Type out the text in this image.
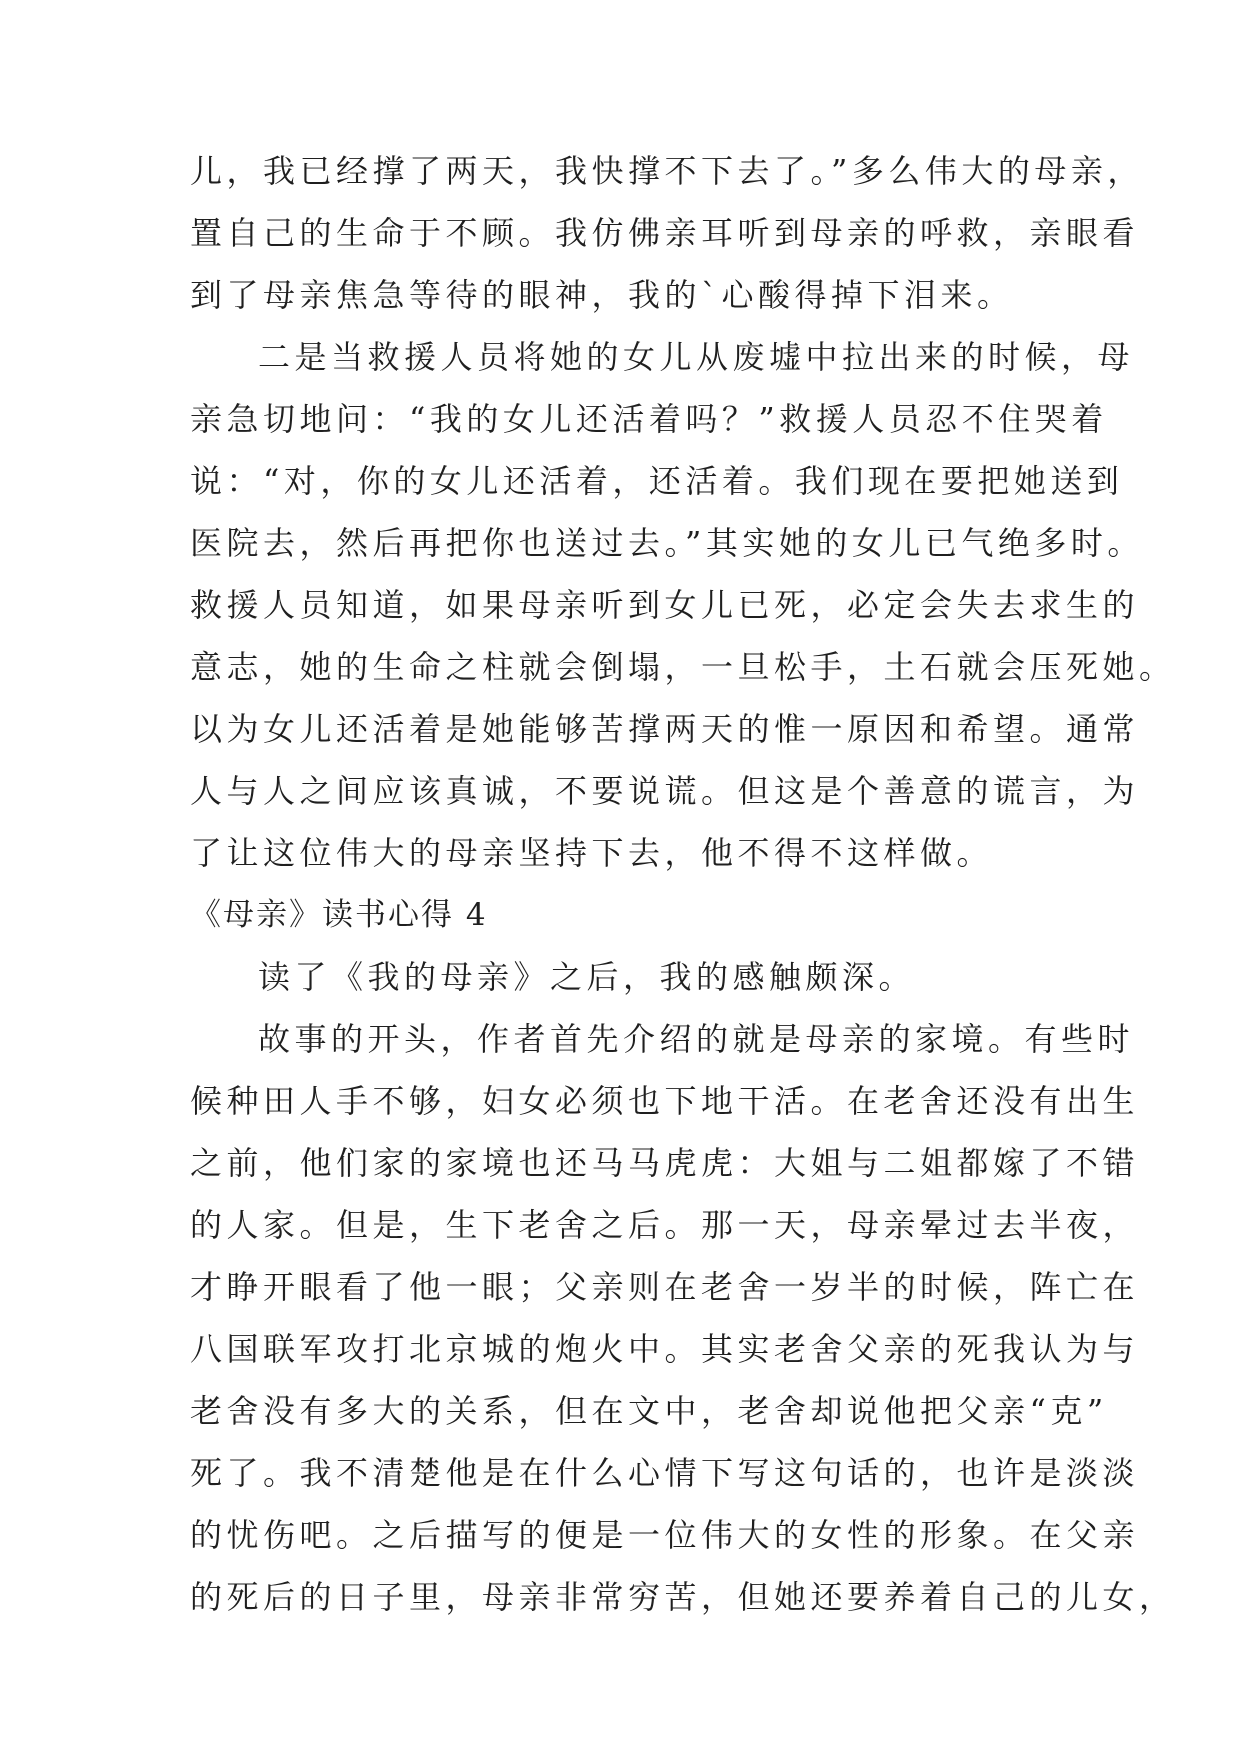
儿，我已经撑了两天，我快撑不下去了。”多么伟大的母亲，
置自己的生命于不顾。我仿佛亲耳听到母亲的呼救，亲眼看
到了母亲焦急等待的眼神，我的`心酸得掉下泪来。
二是当救援人员将她的女儿从废墟中拉出来的时候，母
亲急切地问：“我的女儿还活着吗？”救援人员忍不住哭着
说：“对，你的女儿还活着，还活着。我们现在要把她送到
医院去，然后再把你也送过去。”其实她的女儿已气绝多时。
救援人员知道，如果母亲听到女儿已死，必定会失去求生的
意志，她的生命之柱就会倒塌，一旦松手，土石就会压死她。
以为女儿还活着是她能够苦撑两天的惟一原因和希望。通常
人与人之间应该真诚，不要说谎。但这是个善意的谎言，为
了让这位伟大的母亲坚持下去，他不得不这样做。
《母亲》读书心得 4
读了《我的母亲》之后，我的感触颇深。
故事的开头，作者首先介绍的就是母亲的家境。有些时
候种田人手不够，妇女必须也下地干活。在老舍还没有出生
之前，他们家的家境也还马马虎虎：大姐与二姐都嫁了不错
的人家。但是，生下老舍之后。那一天，母亲晕过去半夜，
才睁开眼看了他一眼；父亲则在老舍一岁半的时候，阵亡在
八国联军攻打北京城的炮火中。其实老舍父亲的死我认为与
老舍没有多大的关系，但在文中，老舍却说他把父亲“克”
死了。我不清楚他是在什么心情下写这句话的，也许是淡淡
的忧伤吧。之后描写的便是一位伟大的女性的形象。在父亲
的死后的日子里，母亲非常穷苦，但她还要养着自己的儿女，
